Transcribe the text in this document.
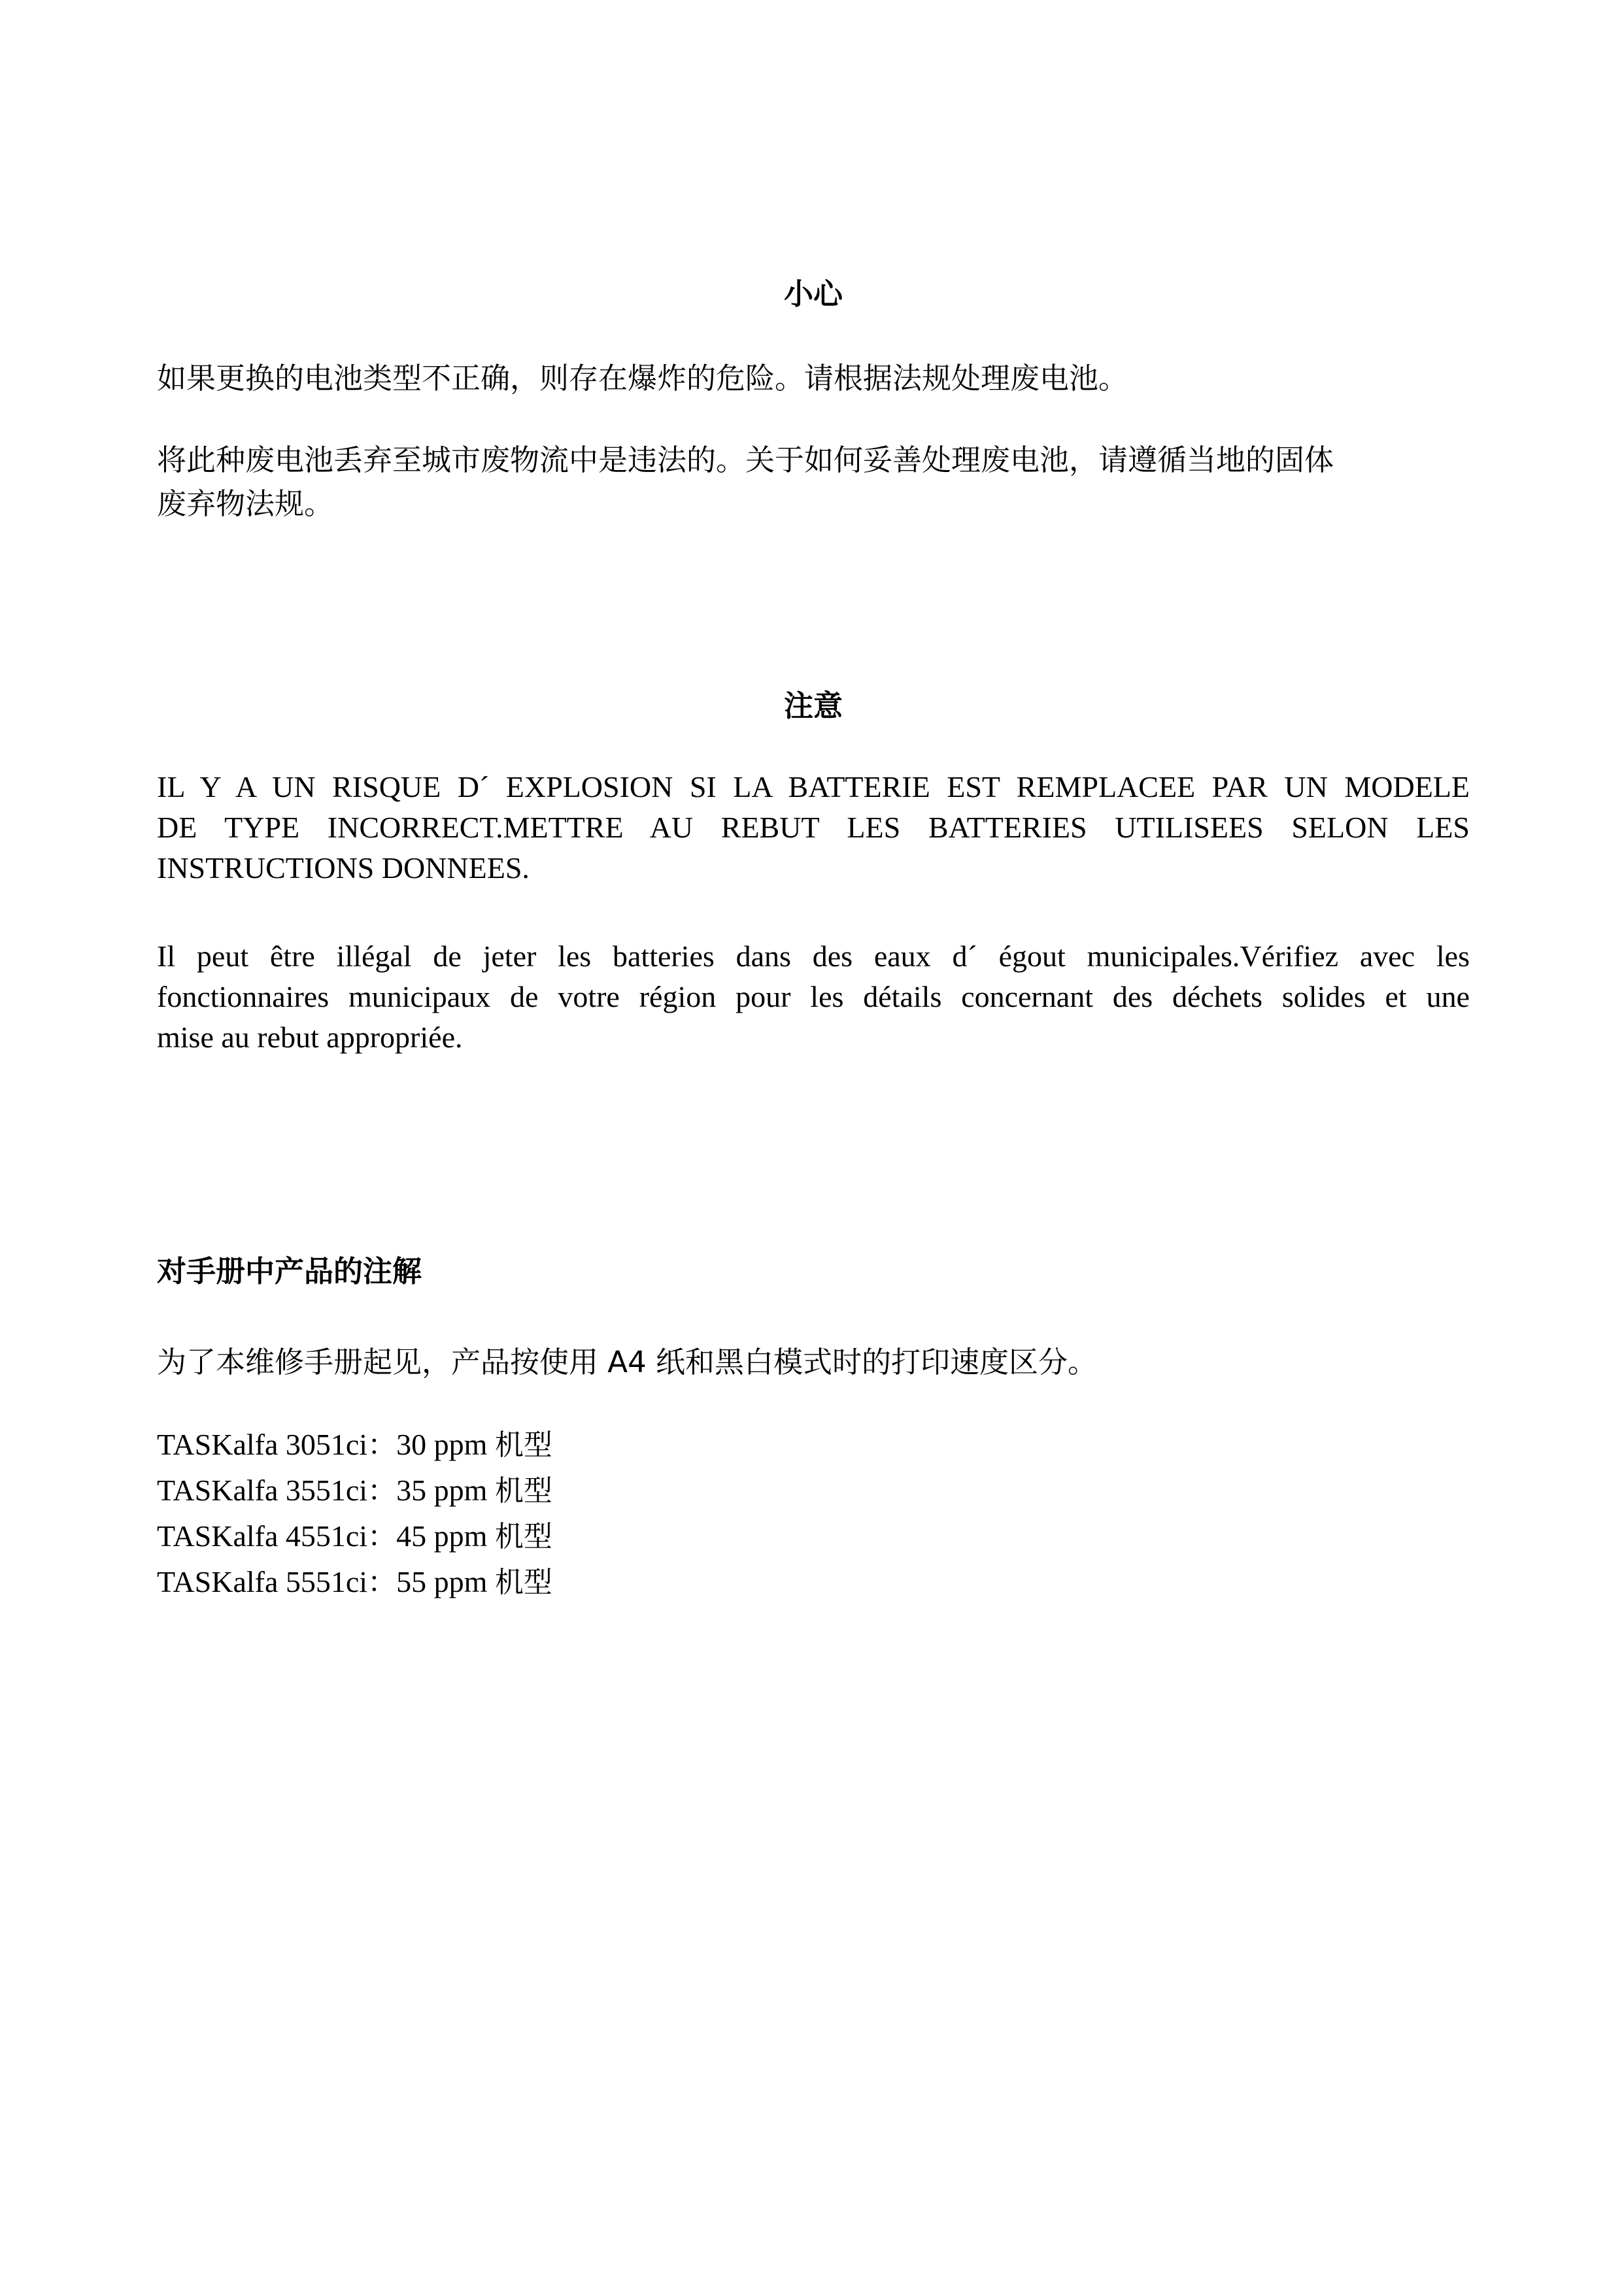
小心

如果更换的电池类型不正确，则存在爆炸的危险。请根据法规处理废电池。

将此种废电池丢弃至城市废物流中是违法的。关于如何妥善处理废电池，请遵循当地的固体
废弃物法规。

注意
IL Y A UN RISQUE D´ EXPLOSION SI LA BATTERIE EST REMPLACEE PAR UN MODELE
DE TYPE INCORRECT.METTRE AU REBUT LES BATTERIES UTILISEES SELON LES
INSTRUCTIONS DONNEES.
Il peut être illégal de jeter les batteries dans des eaux d´ égout municipales.Vérifiez avec les
fonctionnaires municipaux de votre région pour les détails concernant des déchets solides et une
mise au rebut appropriée.
对手册中产品的注解

为了本维修手册起见，产品按使用 A4 纸和黑白模式时的打印速度区分。

TASKalfa 3051ci：30 ppm 机型
TASKalfa 3551ci：35 ppm 机型
TASKalfa 4551ci：45 ppm 机型
TASKalfa 5551ci：55 ppm 机型
